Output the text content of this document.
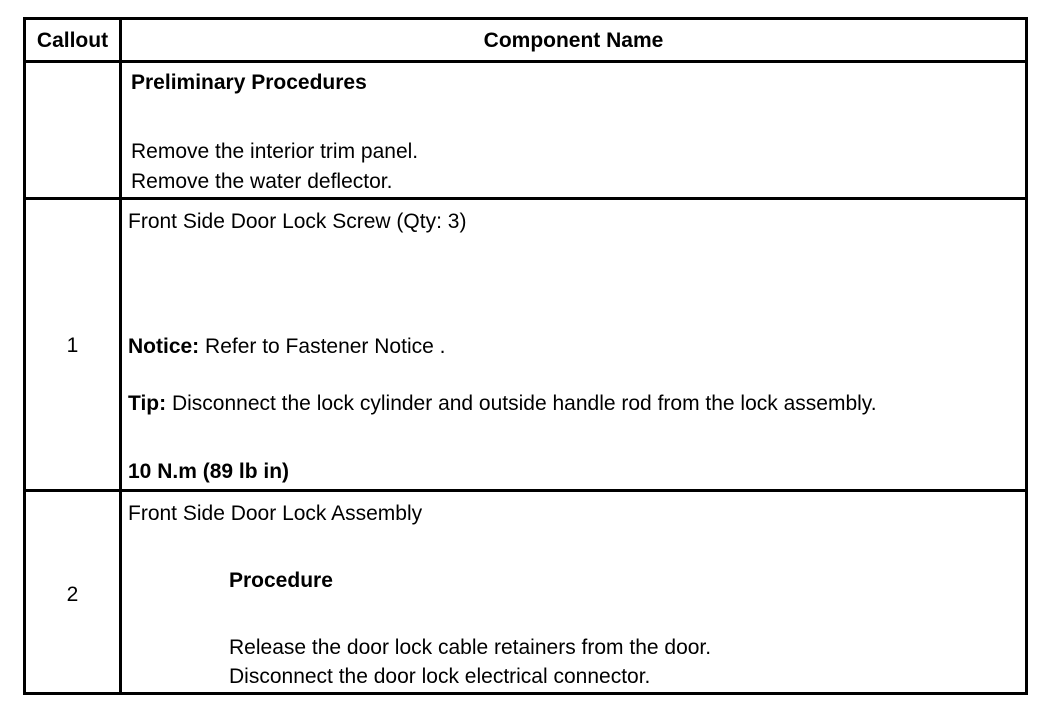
Callout	Component Name
Preliminary Procedures
Remove the interior trim panel.
Remove the water deflector.
1
Front Side Door Lock Screw (Qty: 3)
Notice: Refer to Fastener Notice .
Tip: Disconnect the lock cylinder and outside handle rod from the lock assembly.
10 N.m (89 lb in)
2
Front Side Door Lock Assembly
Procedure
Release the door lock cable retainers from the door.
Disconnect the door lock electrical connector.
